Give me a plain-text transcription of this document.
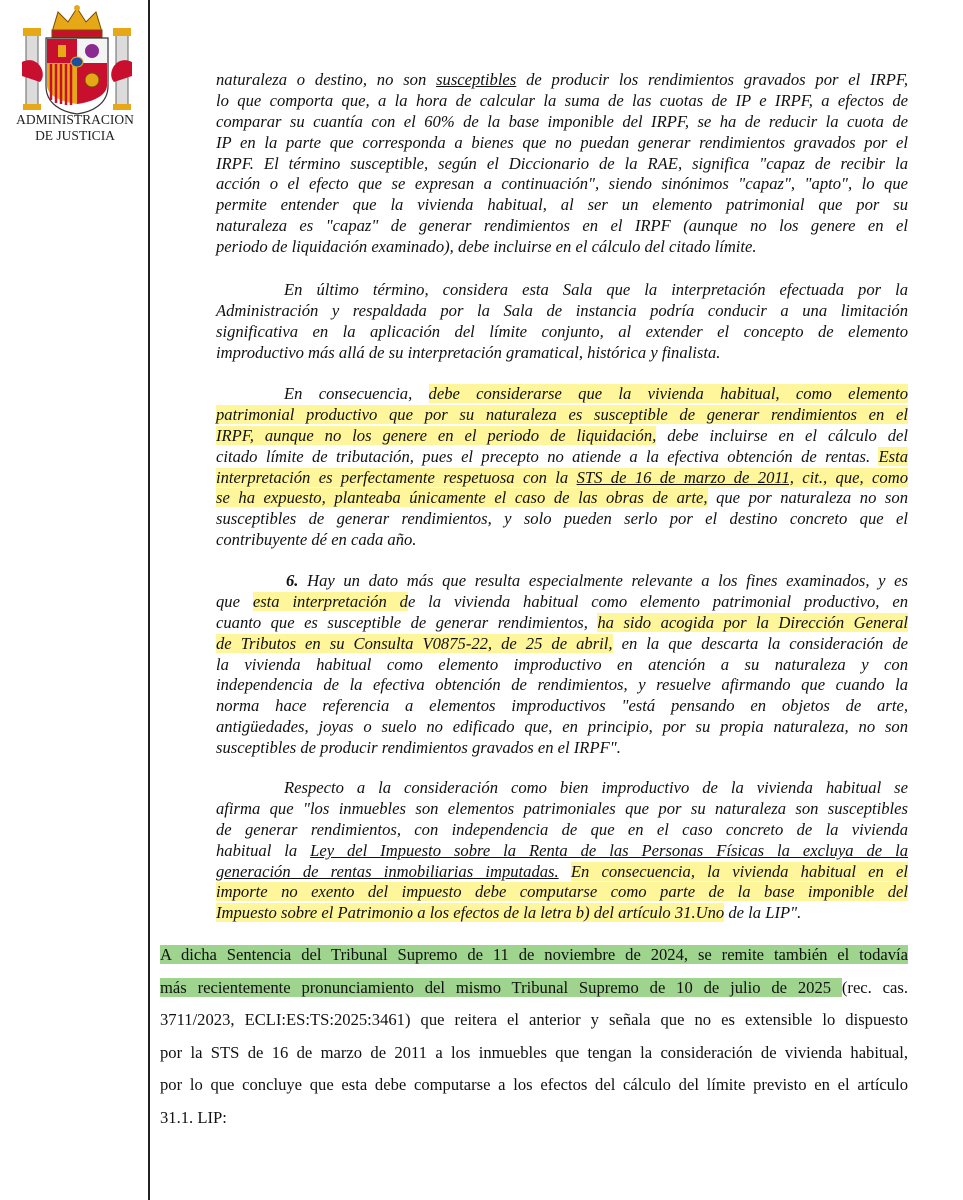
ADMINISTRACION
DE JUSTICIA
naturaleza o destino, no son susceptibles de producir los rendimientos gravados por el IRPF,
lo que comporta que, a la hora de calcular la suma de las cuotas de IP e IRPF, a efectos de
comparar su cuantía con el 60% de la base imponible del IRPF, se ha de reducir la cuota de
IP en la parte que corresponda a bienes que no puedan generar rendimientos gravados por el
IRPF. El término susceptible, según el Diccionario de la RAE, significa "capaz de recibir la
acción o el efecto que se expresan a continuación", siendo sinónimos "capaz", "apto", lo que
permite entender que la vivienda habitual, al ser un elemento patrimonial que por su
naturaleza es "capaz" de generar rendimientos en el IRPF (aunque no los genere en el
periodo de liquidación examinado), debe incluirse en el cálculo del citado límite.
En último término, considera esta Sala que la interpretación efectuada por la
Administración y respaldada por la Sala de instancia podría conducir a una limitación
significativa en la aplicación del límite conjunto, al extender el concepto de elemento
improductivo más allá de su interpretación gramatical, histórica y finalista.
En consecuencia, debe considerarse que la vivienda habitual, como elemento
patrimonial productivo que por su naturaleza es susceptible de generar rendimientos en el
IRPF, aunque no los genere en el periodo de liquidación, debe incluirse en el cálculo del
citado límite de tributación, pues el precepto no atiende a la efectiva obtención de rentas. Esta
interpretación es perfectamente respetuosa con la STS de 16 de marzo de 2011, cit., que, como
se ha expuesto, planteaba únicamente el caso de las obras de arte, que por naturaleza no son
susceptibles de generar rendimientos, y solo pueden serlo por el destino concreto que el
contribuyente dé en cada año.
6. Hay un dato más que resulta especialmente relevante a los fines examinados, y es
que esta interpretación de la vivienda habitual como elemento patrimonial productivo, en
cuanto que es susceptible de generar rendimientos, ha sido acogida por la Dirección General
de Tributos en su Consulta V0875-22, de 25 de abril, en la que descarta la consideración de
la vivienda habitual como elemento improductivo en atención a su naturaleza y con
independencia de la efectiva obtención de rendimientos, y resuelve afirmando que cuando la
norma hace referencia a elementos improductivos "está pensando en objetos de arte,
antigüedades, joyas o suelo no edificado que, en principio, por su propia naturaleza, no son
susceptibles de producir rendimientos gravados en el IRPF".
Respecto a la consideración como bien improductivo de la vivienda habitual se
afirma que "los inmuebles son elementos patrimoniales que por su naturaleza son susceptibles
de generar rendimientos, con independencia de que en el caso concreto de la vivienda
habitual la Ley del Impuesto sobre la Renta de las Personas Físicas la excluya de la
generación de rentas inmobiliarias imputadas. En consecuencia, la vivienda habitual en el
importe no exento del impuesto debe computarse como parte de la base imponible del
Impuesto sobre el Patrimonio a los efectos de la letra b) del artículo 31.Uno de la LIP".
A dicha Sentencia del Tribunal Supremo de 11 de noviembre de 2024, se remite también el todavía
más recientemente pronunciamiento del mismo Tribunal Supremo de 10 de julio de 2025 (rec. cas.
3711/2023, ECLI:ES:TS:2025:3461) que reitera el anterior y señala que no es extensible lo dispuesto
por la STS de 16 de marzo de 2011 a los inmuebles que tengan la consideración de vivienda habitual,
por lo que concluye que esta debe computarse a los efectos del cálculo del límite previsto en el artículo
31.1. LIP:
